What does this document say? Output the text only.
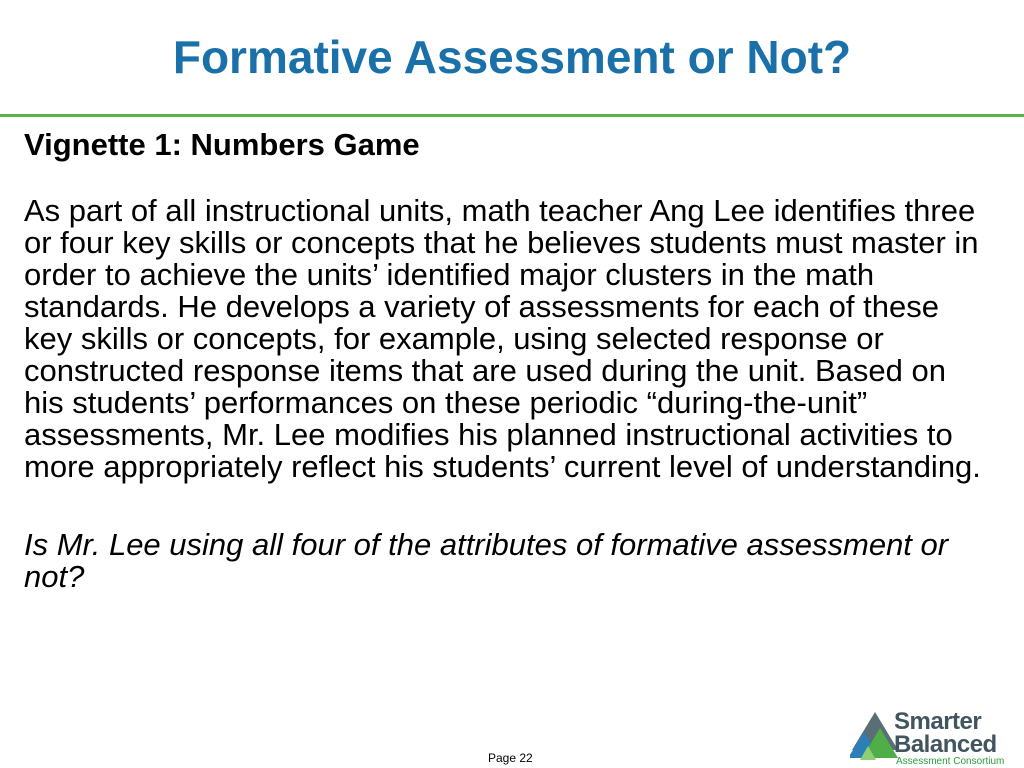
Formative Assessment or Not?

Vignette 1: Numbers Game

As part of all instructional units, math teacher Ang Lee identifies three or four key skills or concepts that he believes students must master in order to achieve the units’ identified major clusters in the math standards. He develops a variety of assessments for each of these key skills or concepts, for example, using selected response or constructed response items that are used during the unit. Based on his students’ performances on these periodic “during-the-unit” assessments, Mr. Lee modifies his planned instructional activities to more appropriately reflect his students’ current level of understanding.

Is Mr. Lee using all four of the attributes of formative assessment or not?

Page 22
Smarter
Balanced
Assessment Consortium
